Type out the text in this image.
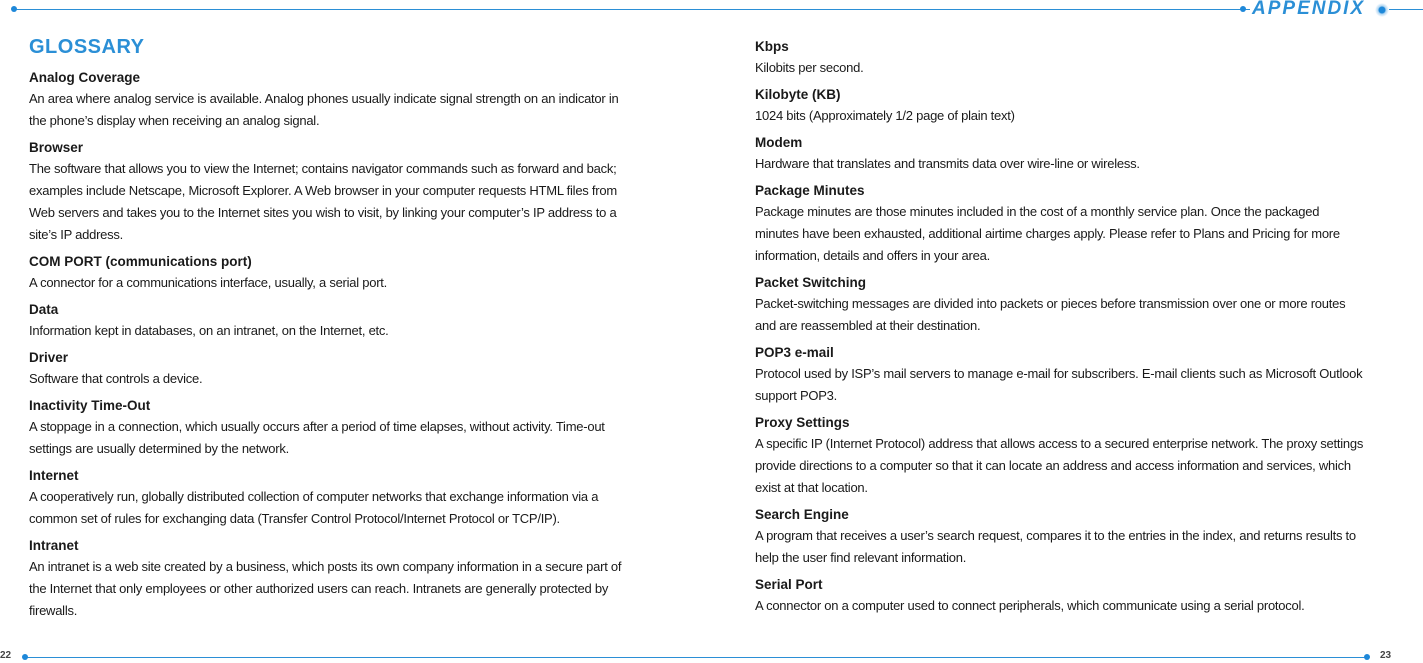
APPENDIX
GLOSSARY
Analog Coverage
An area where analog service is available. Analog phones usually indicate signal strength on an indicator in the phone’s display when receiving an analog signal.
Browser
The software that allows you to view the Internet; contains navigator commands such as forward and back; examples include Netscape, Microsoft Explorer. A Web browser in your computer requests HTML files from Web servers and takes you to the Internet sites you wish to visit, by linking your computer’s IP address to a site’s IP address.
COM PORT (communications port)
A connector for a communications interface, usually, a serial port.
Data
Information kept in databases, on an intranet, on the Internet, etc.
Driver
Software that controls a device.
Inactivity Time-Out
A stoppage in a connection, which usually occurs after a period of time elapses, without activity. Time-out settings are usually determined by the network.
Internet
A cooperatively run, globally distributed collection of computer networks that exchange information via a common set of rules for exchanging data (Transfer Control Protocol/Internet Protocol or TCP/IP).
Intranet
An intranet is a web site created by a business, which posts its own company information in a secure part of the Internet that only employees or other authorized users can reach. Intranets are generally protected by firewalls.
Kbps
Kilobits per second.
Kilobyte (KB)
1024 bits (Approximately 1/2 page of plain text)
Modem
Hardware that translates and transmits data over wire-line or wireless.
Package Minutes
Package minutes are those minutes included in the cost of a monthly service plan. Once the packaged minutes have been exhausted, additional airtime charges apply. Please refer to Plans and Pricing for more information, details and offers in your area.
Packet Switching
Packet-switching messages are divided into packets or pieces before transmission over one or more routes and are reassembled at their destination.
POP3 e-mail
Protocol used by ISP’s mail servers to manage e-mail for subscribers. E-mail clients such as Microsoft Outlook support POP3.
Proxy Settings
A specific IP (Internet Protocol) address that allows access to a secured enterprise network. The proxy settings provide directions to a computer so that it can locate an address and access information and services, which exist at that location.
Search Engine
A program that receives a user’s search request, compares it to the entries in the index, and returns results to help the user find relevant information.
Serial Port
A connector on a computer used to connect peripherals, which communicate using a serial protocol.
22	23
